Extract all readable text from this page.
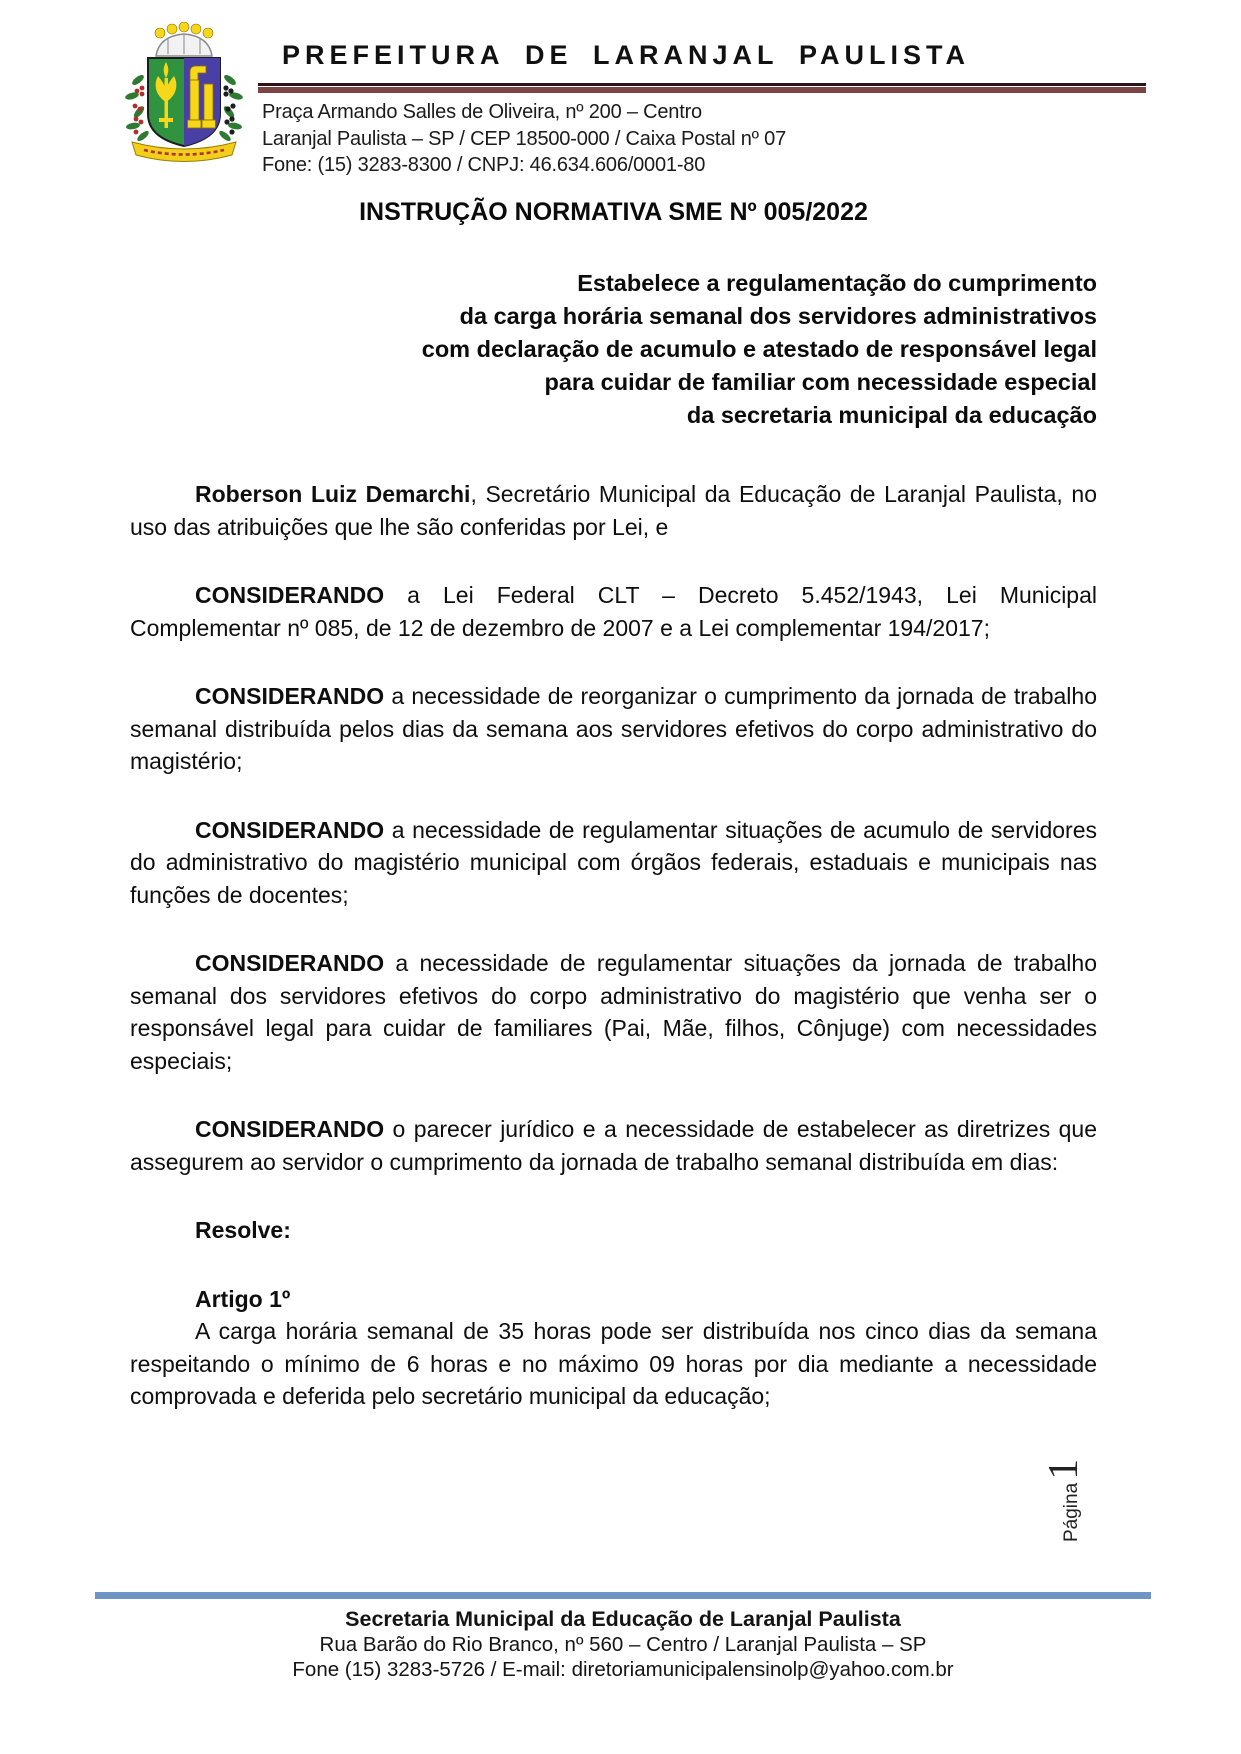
PREFEITURA DE LARANJAL PAULISTA
Praça Armando Salles de Oliveira, nº 200 – Centro
Laranjal Paulista – SP / CEP 18500-000 / Caixa Postal nº 07
Fone: (15) 3283-8300 / CNPJ: 46.634.606/0001-80
INSTRUÇÃO NORMATIVA SME Nº 005/2022
Estabelece a regulamentação do cumprimento
da carga horária semanal dos servidores administrativos
com declaração de acumulo e atestado de responsável legal
para cuidar de familiar com necessidade especial
da secretaria municipal da educação

Roberson Luiz Demarchi, Secretário Municipal da Educação de Laranjal Paulista, no uso das atribuições que lhe são conferidas por Lei, e

CONSIDERANDO a Lei Federal CLT – Decreto 5.452/1943, Lei Municipal Complementar nº 085, de 12 de dezembro de 2007 e a Lei complementar 194/2017;

CONSIDERANDO a necessidade de reorganizar o cumprimento da jornada de trabalho semanal distribuída pelos dias da semana aos servidores efetivos do corpo administrativo do magistério;

CONSIDERANDO a necessidade de regulamentar situações de acumulo de servidores do administrativo do magistério municipal com órgãos federais, estaduais e municipais nas funções de docentes;

CONSIDERANDO a necessidade de regulamentar situações da jornada de trabalho semanal dos servidores efetivos do corpo administrativo do magistério que venha ser o responsável legal para cuidar de familiares (Pai, Mãe, filhos, Cônjuge) com necessidades especiais;

CONSIDERANDO o parecer jurídico e a necessidade de estabelecer as diretrizes que assegurem ao servidor o cumprimento da jornada de trabalho semanal distribuída em dias:

Resolve:
Artigo 1º

A carga horária semanal de 35 horas pode ser distribuída nos cinco dias da semana respeitando o mínimo de 6 horas e no máximo 09 horas por dia mediante a necessidade comprovada e deferida pelo secretário municipal da educação;

Página
1
Secretaria Municipal da Educação de Laranjal Paulista
Rua Barão do Rio Branco, nº 560 – Centro / Laranjal Paulista – SP
Fone (15) 3283-5726 / E-mail: diretoriamunicipalensinolp@yahoo.com.br
